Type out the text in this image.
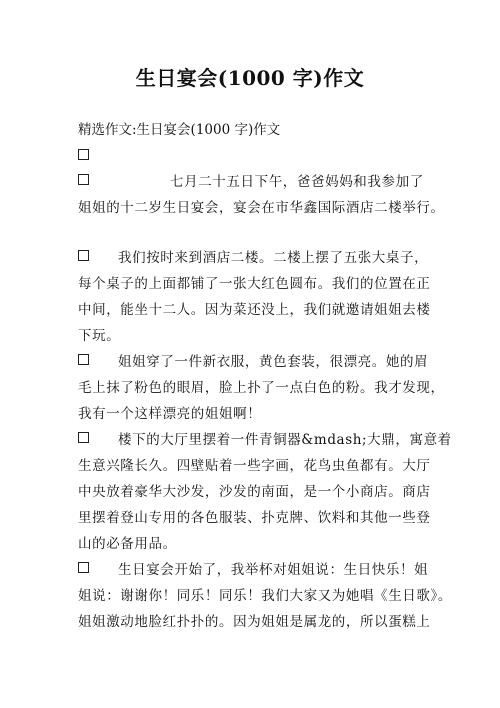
生日宴会(1000 字)作文
精选作文:生日宴会(1000 字)作文
七月二十五日下午，爸爸妈妈和我参加了
姐姐的十二岁生日宴会，宴会在市华鑫国际酒店二楼举行。
我们按时来到酒店二楼。二楼上摆了五张大桌子，
每个桌子的上面都铺了一张大红色圆布。我们的位置在正
中间，能坐十二人。因为菜还没上，我们就邀请姐姐去楼
下玩。
姐姐穿了一件新衣服，黄色套装，很漂亮。她的眉
毛上抹了粉色的眼眉，脸上扑了一点白色的粉。我才发现，
我有一个这样漂亮的姐姐啊！
楼下的大厅里摆着一件青铜器&mdash;大鼎，寓意着
生意兴隆长久。四壁贴着一些字画，花鸟虫鱼都有。大厅
中央放着豪华大沙发，沙发的南面，是一个小商店。商店
里摆着登山专用的各色服装、扑克牌、饮料和其他一些登
山的必备用品。
生日宴会开始了，我举杯对姐姐说：生日快乐！姐
姐说：谢谢你！同乐！同乐！我们大家又为她唱《生日歌》。
姐姐激动地脸红扑扑的。因为姐姐是属龙的，所以蛋糕上
